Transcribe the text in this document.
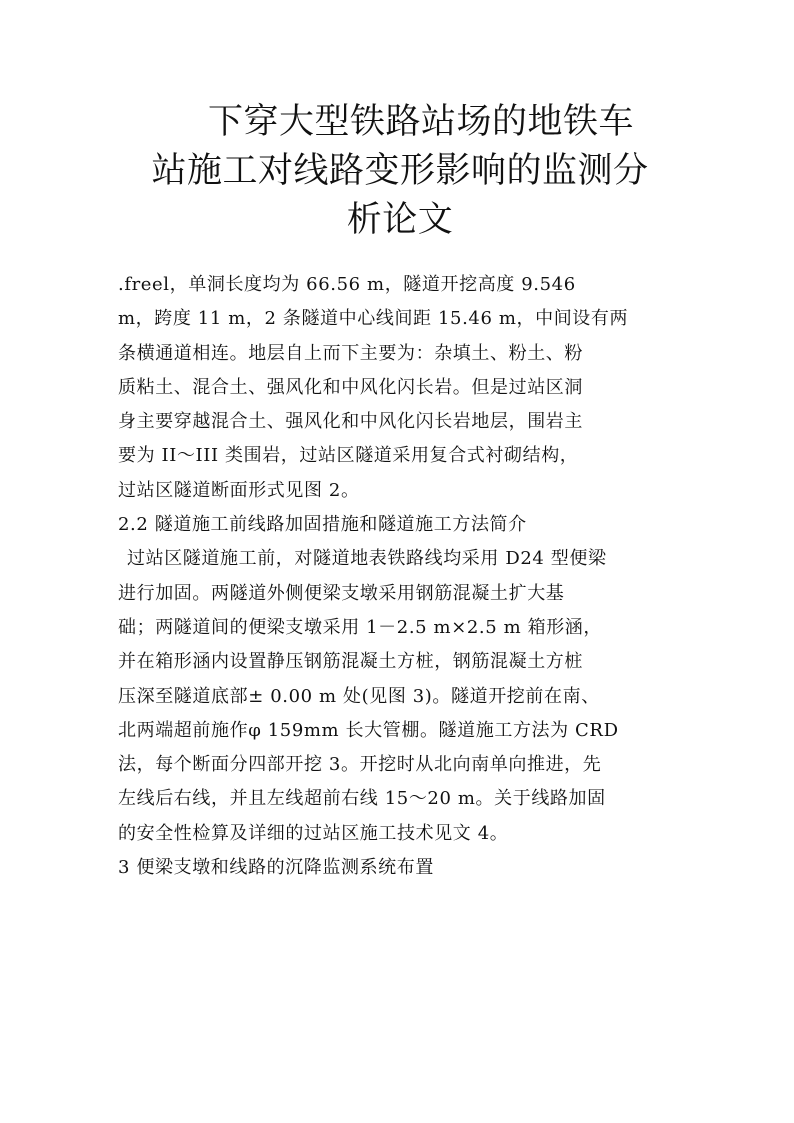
下穿大型铁路站场的地铁车
站施工对线路变形影响的监测分
析论文
.freel，单洞长度均为 66.56 m，隧道开挖高度 9.546
m，跨度 11 m，2 条隧道中心线间距 15.46 m，中间设有两
条横通道相连。地层自上而下主要为：杂填土、粉土、粉
质粘土、混合土、强风化和中风化闪长岩。但是过站区洞
身主要穿越混合土、强风化和中风化闪长岩地层，围岩主
要为 II～III 类围岩，过站区隧道采用复合式衬砌结构，
过站区隧道断面形式见图 2。
2.2 隧道施工前线路加固措施和隧道施工方法简介
过站区隧道施工前，对隧道地表铁路线均采用 D24 型便梁
进行加固。两隧道外侧便梁支墩采用钢筋混凝土扩大基
础；两隧道间的便梁支墩采用 1－2.5 m×2.5 m 箱形涵，
并在箱形涵内设置静压钢筋混凝土方桩，钢筋混凝土方桩
压深至隧道底部± 0.00 m 处(见图 3)。隧道开挖前在南、
北两端超前施作φ 159mm 长大管棚。隧道施工方法为 CRD
法，每个断面分四部开挖 3。开挖时从北向南单向推进，先
左线后右线，并且左线超前右线 15～20 m。关于线路加固
的安全性检算及详细的过站区施工技术见文 4。
3 便梁支墩和线路的沉降监测系统布置
